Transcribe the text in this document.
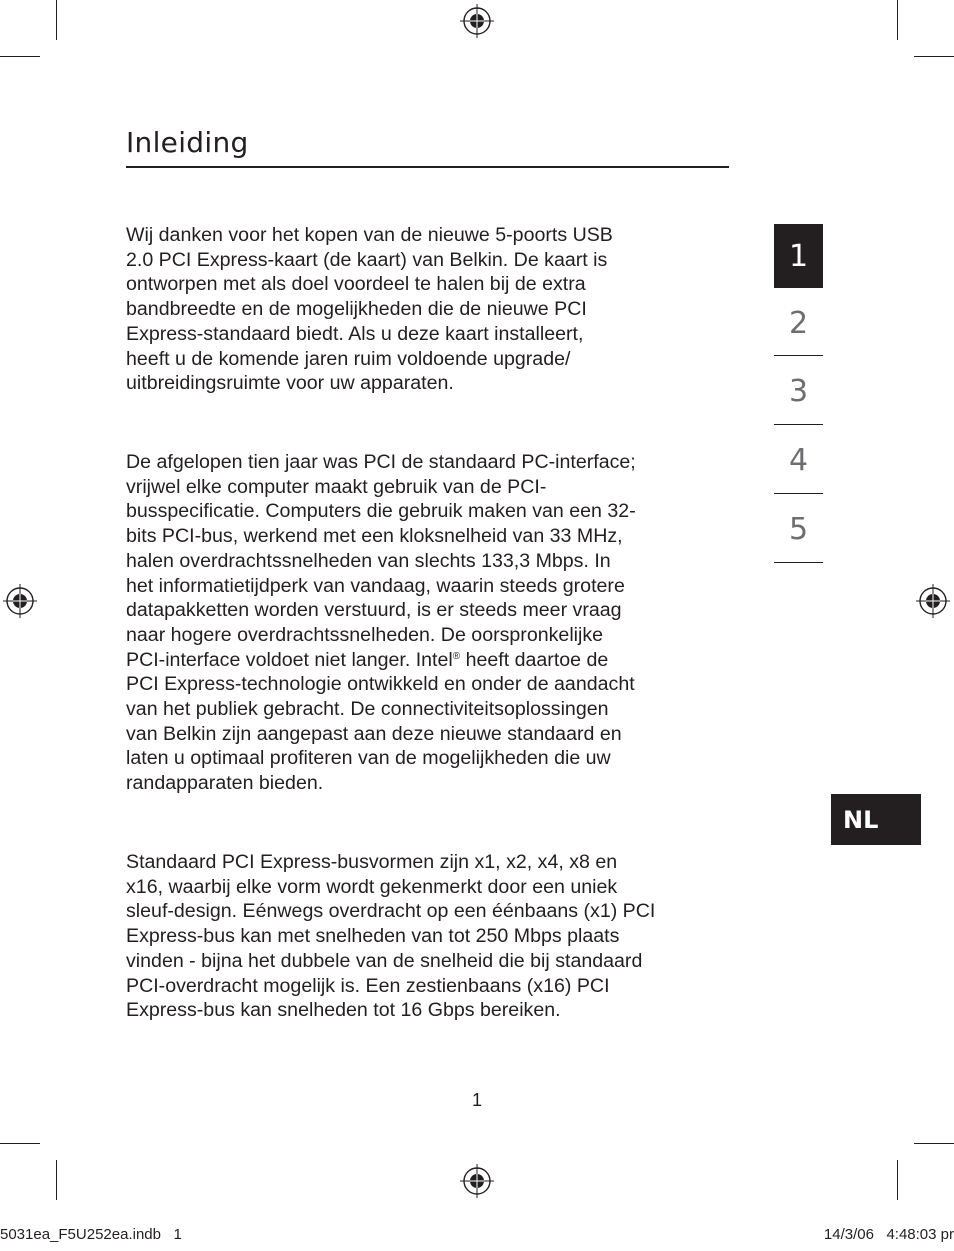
Inleiding

Wij danken voor het kopen van de nieuwe 5-poorts USB
2.0 PCI Express-kaart (de kaart) van Belkin. De kaart is
ontworpen met als doel voordeel te halen bij de extra
bandbreedte en de mogelijkheden die de nieuwe PCI
Express-standaard biedt. Als u deze kaart installeert,
heeft u de komende jaren ruim voldoende upgrade/
uitbreidingsruimte voor uw apparaten.

De afgelopen tien jaar was PCI de standaard PC-interface;
vrijwel elke computer maakt gebruik van de PCI-
busspecificatie. Computers die gebruik maken van een 32-
bits PCI-bus, werkend met een kloksnelheid van 33 MHz,
halen overdrachtssnelheden van slechts 133,3 Mbps. In
het informatietijdperk van vandaag, waarin steeds grotere
datapakketten worden verstuurd, is er steeds meer vraag
naar hogere overdrachtssnelheden. De oorspronkelijke
PCI-interface voldoet niet langer. Intel® heeft daartoe de
PCI Express-technologie ontwikkeld en onder de aandacht
van het publiek gebracht. De connectiviteitsoplossingen
van Belkin zijn aangepast aan deze nieuwe standaard en
laten u optimaal profiteren van de mogelijkheden die uw
randapparaten bieden.

Standaard PCI Express-busvormen zijn x1, x2, x4, x8 en
x16, waarbij elke vorm wordt gekenmerkt door een uniek
sleuf-design. Eénwegs overdracht op een éénbaans (x1) PCI
Express-bus kan met snelheden van tot 250 Mbps plaats
vinden - bijna het dubbele van de snelheid die bij standaard
PCI-overdracht mogelijk is. Een zestienbaans (x16) PCI
Express-bus kan snelheden tot 16 Gbps bereiken.

1
2
3
4
5
NL
1
5031ea_F5U252ea.indb   1	14/3/06   4:48:03 pr
